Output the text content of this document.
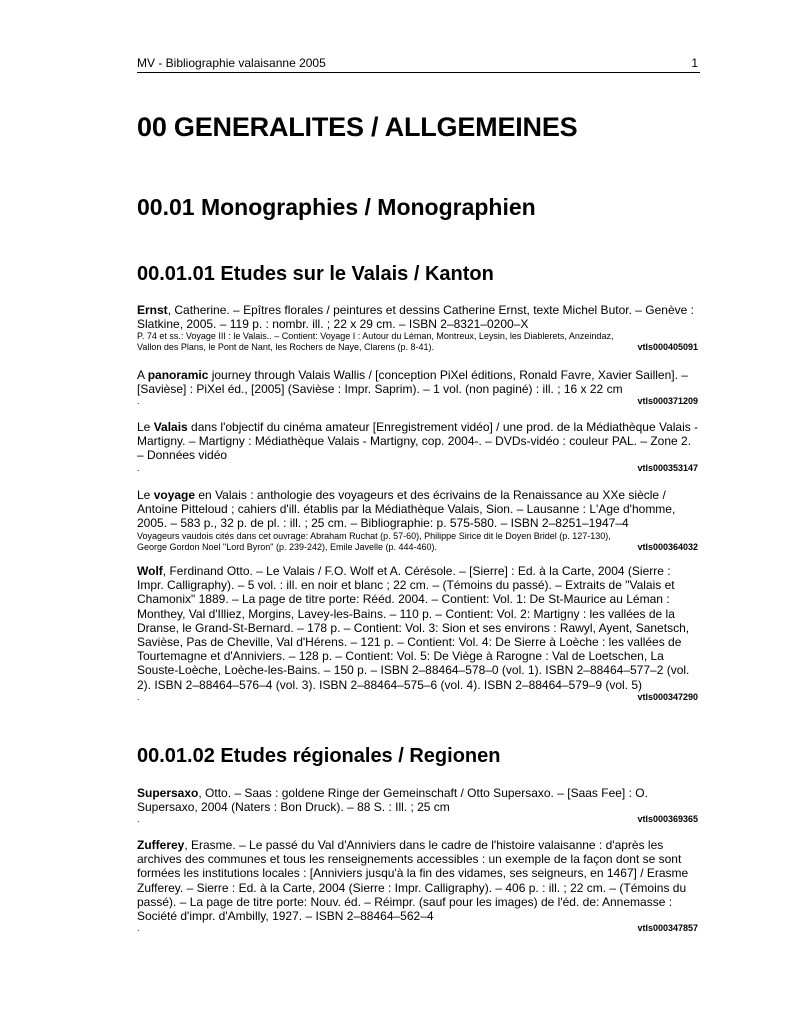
MV - Bibliographie valaisanne 2005	1
00 GENERALITES / ALLGEMEINES
00.01 Monographies / Monographien
00.01.01 Etudes sur le Valais / Kanton
Ernst, Catherine. – Epîtres florales / peintures et dessins Catherine Ernst, texte Michel Butor. – Genève : Slatkine, 2005. – 119 p. : nombr. ill. ; 22 x 29 cm. – ISBN 2–8321–0200–X
P. 74 et ss.: Voyage III : le Valais.. – Contient: Voyage I : Autour du Léman, Montreux, Leysin, les Diablerets, Anzeindaz, Vallon des Plans, le Pont de Nant, les Rochers de Naye, Clarens (p. 8-41).	vtls000405091
A panoramic journey through Valais Wallis / [conception PiXel éditions, Ronald Favre, Xavier Saillen]. – [Savièse] : PiXel éd., [2005] (Savièse : Impr. Saprim). – 1 vol. (non paginé) : ill. ; 16 x 22 cm
.	vtls000371209
Le Valais dans l'objectif du cinéma amateur [Enregistrement vidéo] / une prod. de la Médiathèque Valais - Martigny. – Martigny : Médiathèque Valais - Martigny, cop. 2004-. – DVDs-vidéo : couleur PAL. – Zone 2. – Données vidéo
.	vtls000353147
Le voyage en Valais : anthologie des voyageurs et des écrivains de la Renaissance au XXe siècle / Antoine Pitteloud ; cahiers d'ill. établis par la Médiathèque Valais, Sion. – Lausanne : L'Age d'homme, 2005. – 583 p., 32 p. de pl. : ill. ; 25 cm. – Bibliographie: p. 575-580. – ISBN 2–8251–1947–4
Voyageurs vaudois cités dans cet ouvrage: Abraham Ruchat (p. 57-60), Philippe Sirice dit le Doyen Bridel (p. 127-130), George Gordon Noel "Lord Byron" (p. 239-242), Emile Javelle (p. 444-460).	vtls000364032
Wolf, Ferdinand Otto. – Le Valais / F.O. Wolf et A. Cérésole. – [Sierre] : Ed. à la Carte, 2004 (Sierre : Impr. Calligraphy). – 5 vol. : ill. en noir et blanc ; 22 cm. – (Témoins du passé). – Extraits de "Valais et Chamonix" 1889. – La page de titre porte: Rééd. 2004. – Contient: Vol. 1: De St-Maurice au Léman : Monthey, Val d'Illiez, Morgins, Lavey-les-Bains. – 110 p. – Contient: Vol. 2: Martigny : les vallées de la Dranse, le Grand-St-Bernard. – 178 p. – Contient: Vol. 3: Sion et ses environs : Rawyl, Ayent, Sanetsch, Savièse, Pas de Cheville, Val d'Hérens. – 121 p. – Contient: Vol. 4: De Sierre à Loèche : les vallées de Tourtemagne et d'Anniviers. – 128 p. – Contient: Vol. 5: De Viège à Rarogne : Val de Loetschen, La Souste-Loèche, Loèche-les-Bains. – 150 p. – ISBN 2–88464–578–0 (vol. 1). ISBN 2–88464–577–2 (vol. 2). ISBN 2–88464–576–4 (vol. 3). ISBN 2–88464–575–6 (vol. 4). ISBN 2–88464–579–9 (vol. 5)
.	vtls000347290
00.01.02 Etudes régionales / Regionen
Supersaxo, Otto. – Saas : goldene Ringe der Gemeinschaft / Otto Supersaxo. – [Saas Fee] : O. Supersaxo, 2004 (Naters : Bon Druck). – 88 S. : Ill. ; 25 cm
.	vtls000369365
Zufferey, Erasme. – Le passé du Val d'Anniviers dans le cadre de l'histoire valaisanne : d'après les archives des communes et tous les renseignements accessibles : un exemple de la façon dont se sont formées les institutions locales : [Anniviers jusqu'à la fin des vidames, ses seigneurs, en 1467] / Erasme Zufferey. – Sierre : Ed. à la Carte, 2004 (Sierre : Impr. Calligraphy). – 406 p. : ill. ; 22 cm. – (Témoins du passé). – La page de titre porte: Nouv. éd. – Réimpr. (sauf pour les images) de l'éd. de: Annemasse : Société d'impr. d'Ambilly, 1927. – ISBN 2–88464–562–4
.	vtls000347857
